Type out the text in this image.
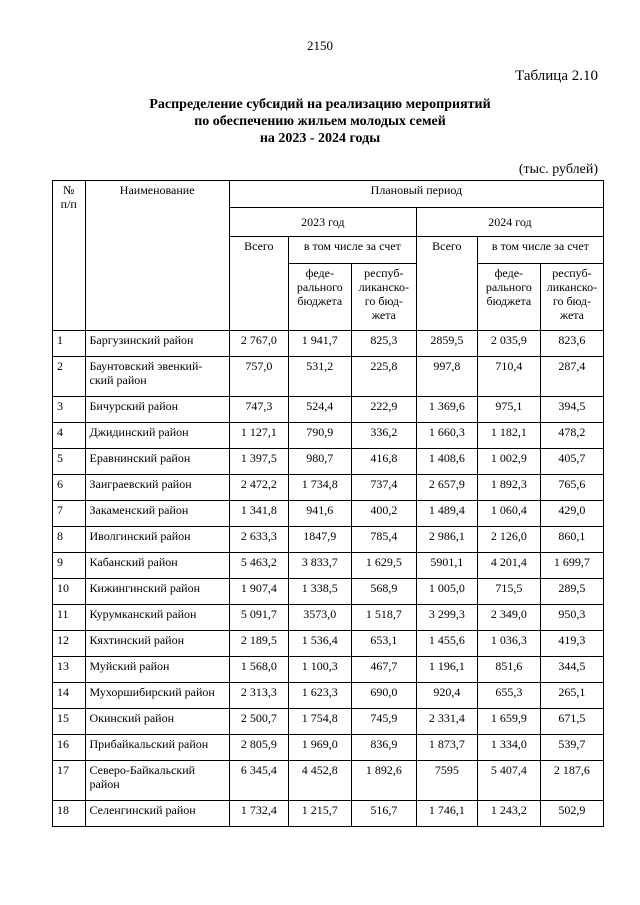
2150
Таблица 2.10
Распределение субсидий на реализацию мероприятий
по обеспечению жильем молодых семей
на 2023 - 2024 годы
(тыс. рублей)
№ п/п	Наименование	Плановый период					
		2023 год			2024 год		
		Всего	в том числе за счет		Всего	в том числе за счет	
			феде-
рального
бюджета	респуб-
ликанско-
го бюд-
жета		феде-
рального
бюджета	респуб-
ликанско-
го бюд-
жета
1	Баргузинский район	2 767,0	1 941,7	825,3	2859,5	2 035,9	823,6
2	Баунтовский эвенкий-ский район	757,0	531,2	225,8	997,8	710,4	287,4
3	Бичурский район	747,3	524,4	222,9	1 369,6	975,1	394,5
4	Джидинский район	1 127,1	790,9	336,2	1 660,3	1 182,1	478,2
5	Еравнинский район	1 397,5	980,7	416,8	1 408,6	1 002,9	405,7
6	Заиграевский район	2 472,2	1 734,8	737,4	2 657,9	1 892,3	765,6
7	Закаменский район	1 341,8	941,6	400,2	1 489,4	1 060,4	429,0
8	Иволгинский район	2 633,3	1847,9	785,4	2 986,1	2 126,0	860,1
9	Кабанский район	5 463,2	3 833,7	1 629,5	5901,1	4 201,4	1 699,7
10	Кижингинский район	1 907,4	1 338,5	568,9	1 005,0	715,5	289,5
11	Курумканский район	5 091,7	3573,0	1 518,7	3 299,3	2 349,0	950,3
12	Кяхтинский район	2 189,5	1 536,4	653,1	1 455,6	1 036,3	419,3
13	Муйский район	1 568,0	1 100,3	467,7	1 196,1	851,6	344,5
14	Мухоршибирский район	2 313,3	1 623,3	690,0	920,4	655,3	265,1
15	Окинский район	2 500,7	1 754,8	745,9	2 331,4	1 659,9	671,5
16	Прибайкальский район	2 805,9	1 969,0	836,9	1 873,7	1 334,0	539,7
17	Северо-Байкальский район	6 345,4	4 452,8	1 892,6	7595	5 407,4	2 187,6
18	Селенгинский район	1 732,4	1 215,7	516,7	1 746,1	1 243,2	502,9
